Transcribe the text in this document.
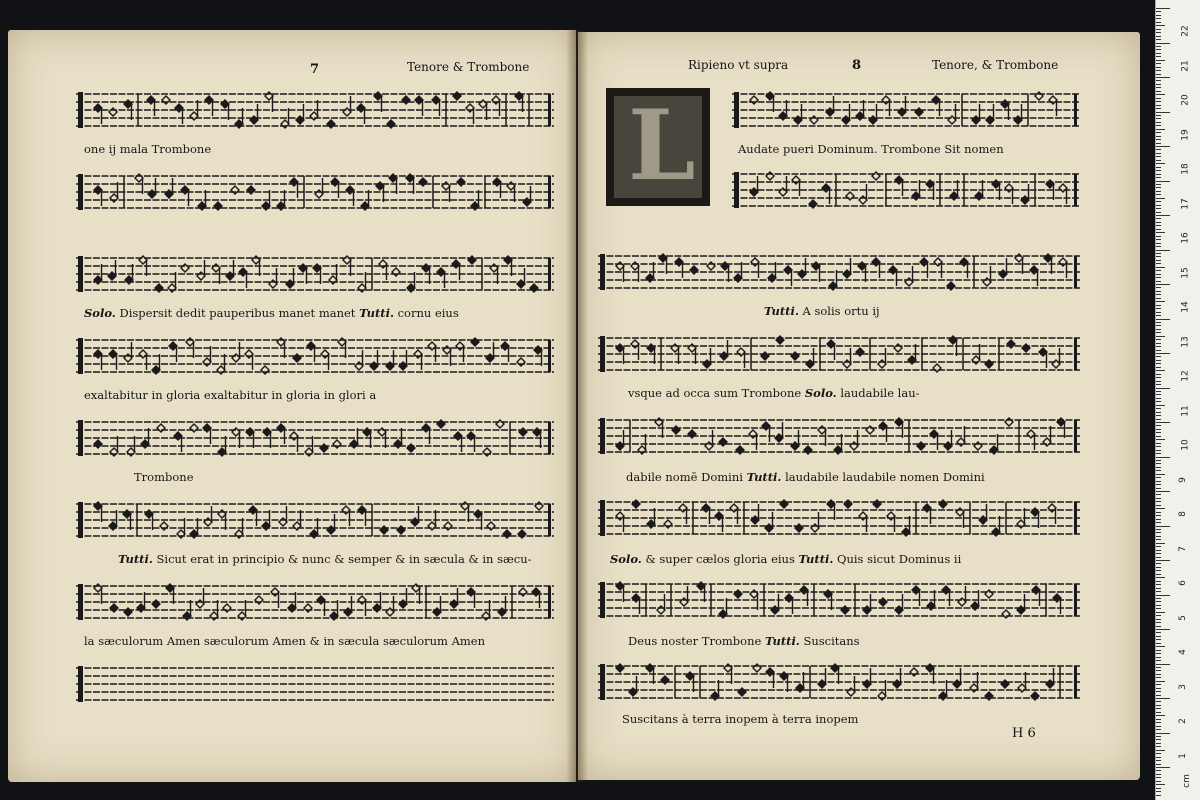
7	Tenore & Trombone	Ripieno vt supra	8	Tenore, & Trombone
L
one ij mala Trombone
Solo. Dispersit dedit pauperibus manet manet Tutti. cornu eius
exaltabitur in gloria exaltabitur in gloria in glori a
Trombone
Tutti. Sicut erat in principio & nunc & semper & in sæcula & in sæcu-
la sæculorum Amen sæculorum Amen & in sæcula sæculorum Amen
Audate pueri Dominum. Trombone Sit nomen
Tutti. A solis ortu ij
vsque ad occa sum Trombone Solo. laudabile lau-
dabile nomē Domini Tutti. laudabile laudabile nomen Domini
Solo. & super cælos gloria eius Tutti. Quis sicut Dominus ii
Deus noster Trombone Tutti. Suscitans
Suscitans à terra inopem à terra inopem
H 6
22
21
20
19
18
17
16
15
14
13
12
11
10
9
8
7
6
5
4
3
2
1
cm
